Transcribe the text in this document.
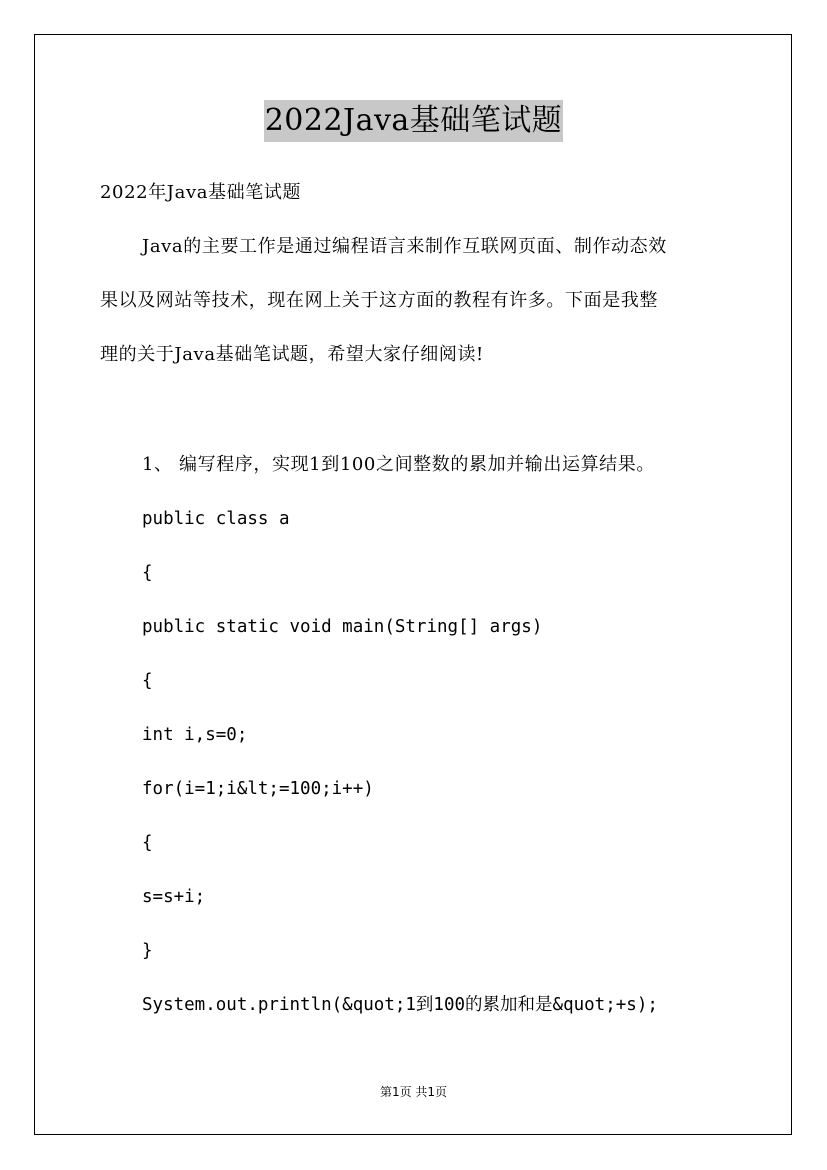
2022Java基础笔试题
2022年Java基础笔试题
Java的主要工作是通过编程语言来制作互联网页面、制作动态效
果以及网站等技术，现在网上关于这方面的教程有许多。下面是我整
理的关于Java基础笔试题，希望大家仔细阅读!
1、 编写程序，实现1到100之间整数的累加并输出运算结果。
public class a
{
public static void main(String[] args)
{
int i,s=0;
for(i=1;i&lt;=100;i++)
{
s=s+i;
}
System.out.println(&quot;1到100的累加和是&quot;+s);
第1页 共1页
